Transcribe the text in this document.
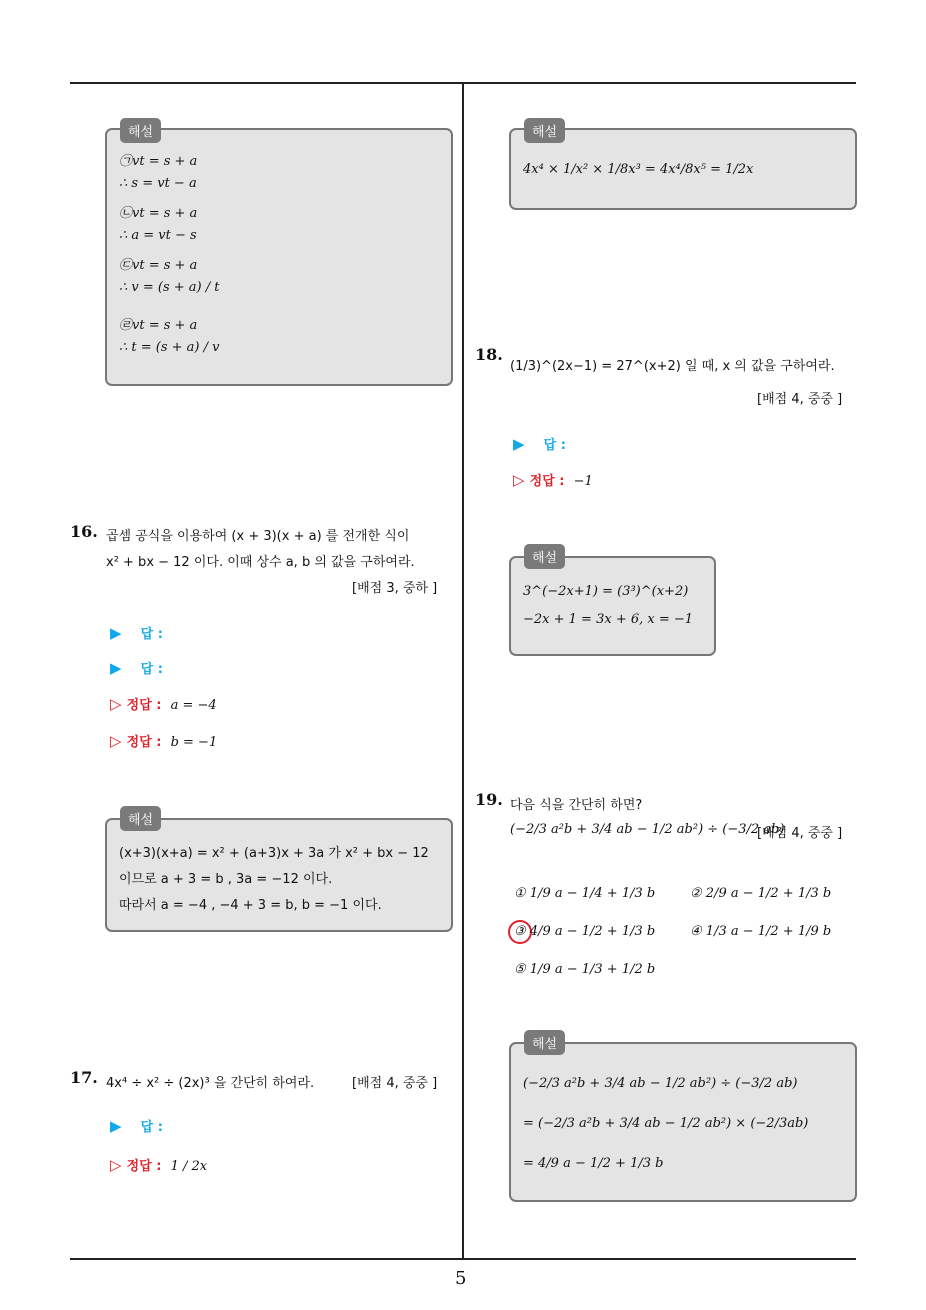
5
㉠vt = s + a
∴ s = vt − a
㉡vt = s + a
∴ a = vt − s
㉢vt = s + a
∴ v = (s + a) / t
㉣vt = s + a
∴ t = (s + a) / v
해설
16. 곱셈 공식을 이용하여 (x + 3)(x + a) 를 전개한 식이
x² + bx − 12 이다. 이때 상수 a, b 의 값을 구하여라.
[배점 3, 중하 ]
▶ 답 :
▶ 답 :
▷ 정답 : a = −4
▷ 정답 : b = −1
(x+3)(x+a) = x² + (a+3)x + 3a 가 x² + bx − 12
이므로 a + 3 = b , 3a = −12 이다.
따라서 a = −4 , −4 + 3 = b, b = −1 이다.
해설
17. 4x⁴ ÷ x² ÷ (2x)³ 을 간단히 하여라.	[배점 4, 중중 ]
▶ 답 :
▷ 정답 : 1 / 2x
4x⁴ × 1/x² × 1/8x³ = 4x⁴/8x⁵ = 1/2x
해설
18.
(1/3)^(2x−1) = 27^(x+2) 일 때, x 의 값을 구하여라.
[배점 4, 중중 ]
▶ 답 :
▷ 정답 : −1
3^(−2x+1) = (3³)^(x+2)
−2x + 1 = 3x + 6, x = −1
해설
19. 다음 식을 간단히 하면?
(−2/3 a²b + 3/4 ab − 1/2 ab²) ÷ (−3/2 ab)
[배점 4, 중중 ]
① 1/9 a − 1/4 + 1/3 b	② 2/9 a − 1/2 + 1/3 b
③ 4/9 a − 1/2 + 1/3 b	④ 1/3 a − 1/2 + 1/9 b
⑤ 1/9 a − 1/3 + 1/2 b
(−2/3 a²b + 3/4 ab − 1/2 ab²) ÷ (−3/2 ab)
= (−2/3 a²b + 3/4 ab − 1/2 ab²) × (−2/3ab)
= 4/9 a − 1/2 + 1/3 b
해설
